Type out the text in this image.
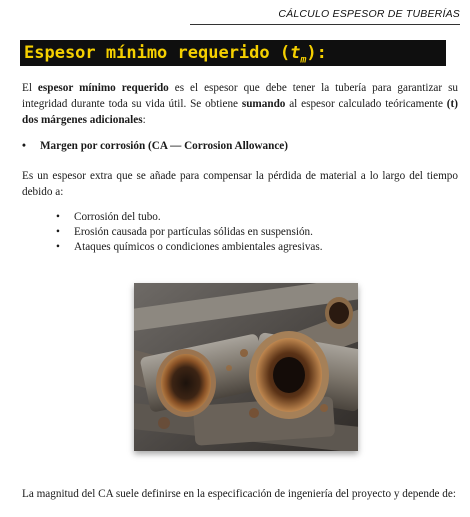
CÁLCULO ESPESOR DE TUBERÍAS
Espesor mínimo requerido $(t_m)$:

El espesor mínimo requerido es el espesor que debe tener la tubería para garantizar su integridad durante toda su vida útil. Se obtiene sumando al espesor calculado teóricamente (t) dos márgenes adicionales:

• Margen por corrosión (CA — Corrosion Allowance)

Es un espesor extra que se añade para compensar la pérdida de material a lo largo del tiempo debido a:

• Corrosión del tubo.
• Erosión causada por partículas sólidas en suspensión.
• Ataques químicos o condiciones ambientales agresivas.

La magnitud del CA suele definirse en la especificación de ingeniería del proyecto y depende de:
